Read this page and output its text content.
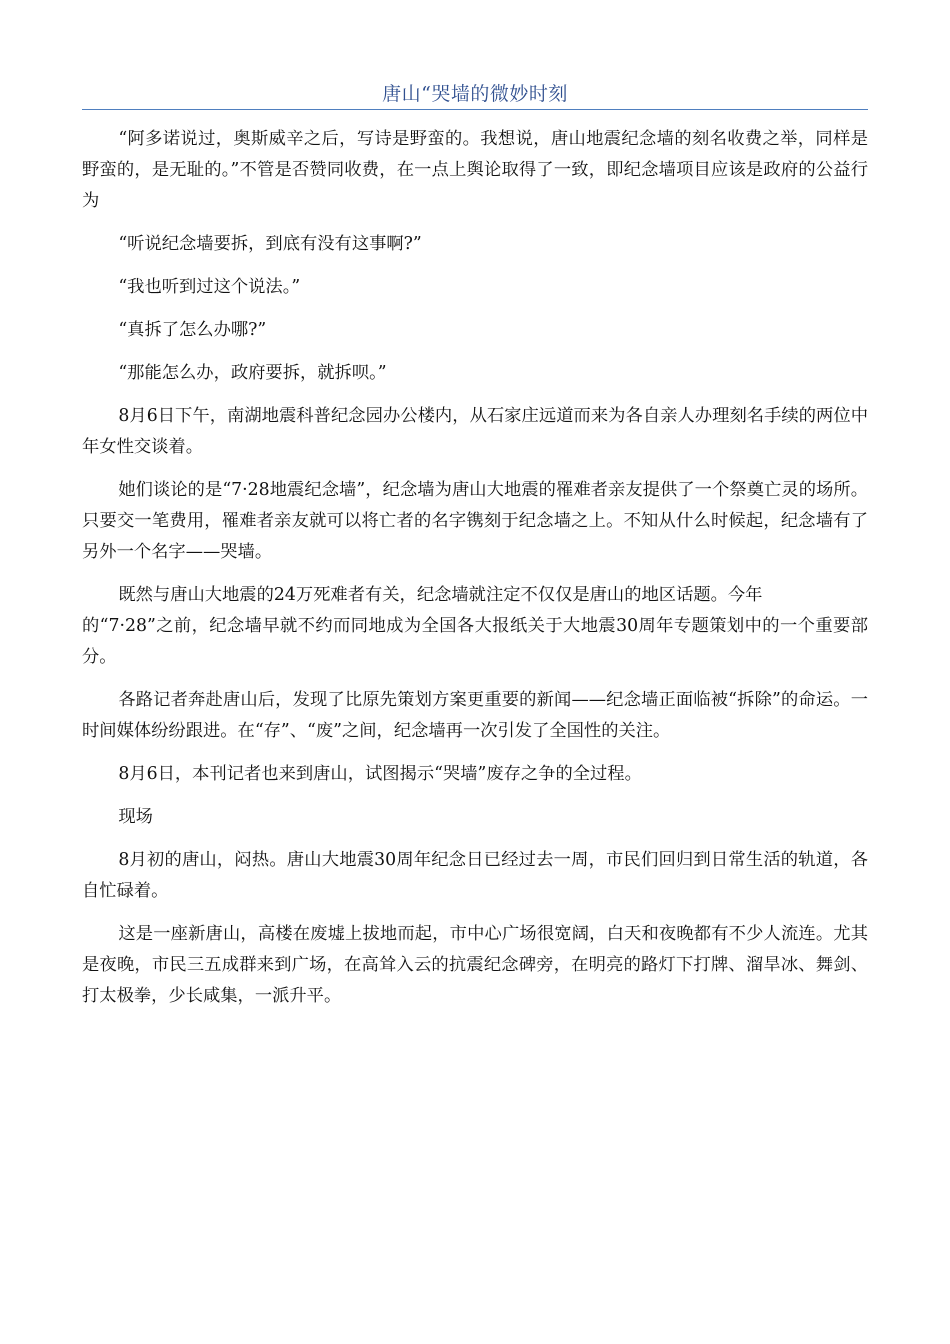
唐山“哭墙的微妙时刻

“阿多诺说过，奥斯威辛之后，写诗是野蛮的。我想说，唐山地震纪念墙的刻名收费之举，同样是野蛮的，是无耻的。”不管是否赞同收费，在一点上舆论取得了一致，即纪念墙项目应该是政府的公益行为

“听说纪念墙要拆，到底有没有这事啊?”

“我也听到过这个说法。”

“真拆了怎么办哪?”

“那能怎么办，政府要拆，就拆呗。”

8月6日下午，南湖地震科普纪念园办公楼内，从石家庄远道而来为各自亲人办理刻名手续的两位中年女性交谈着。

她们谈论的是“7·28地震纪念墙”，纪念墙为唐山大地震的罹难者亲友提供了一个祭奠亡灵的场所。只要交一笔费用，罹难者亲友就可以将亡者的名字镌刻于纪念墙之上。不知从什么时候起，纪念墙有了另外一个名字——哭墙。

既然与唐山大地震的24万死难者有关，纪念墙就注定不仅仅是唐山的地区话题。今年

的“7·28”之前，纪念墙早就不约而同地成为全国各大报纸关于大地震30周年专题策划中的一个重要部分。

各路记者奔赴唐山后，发现了比原先策划方案更重要的新闻——纪念墙正面临被“拆除”的命运。一时间媒体纷纷跟进。在“存”、“废”之间，纪念墙再一次引发了全国性的关注。

8月6日，本刊记者也来到唐山，试图揭示“哭墙”废存之争的全过程。

现场

8月初的唐山，闷热。唐山大地震30周年纪念日已经过去一周，市民们回归到日常生活的轨道，各自忙碌着。

这是一座新唐山，高楼在废墟上拔地而起，市中心广场很宽阔，白天和夜晚都有不少人流连。尤其是夜晚，市民三五成群来到广场，在高耸入云的抗震纪念碑旁，在明亮的路灯下打牌、溜旱冰、舞剑、打太极拳，少长咸集，一派升平。
